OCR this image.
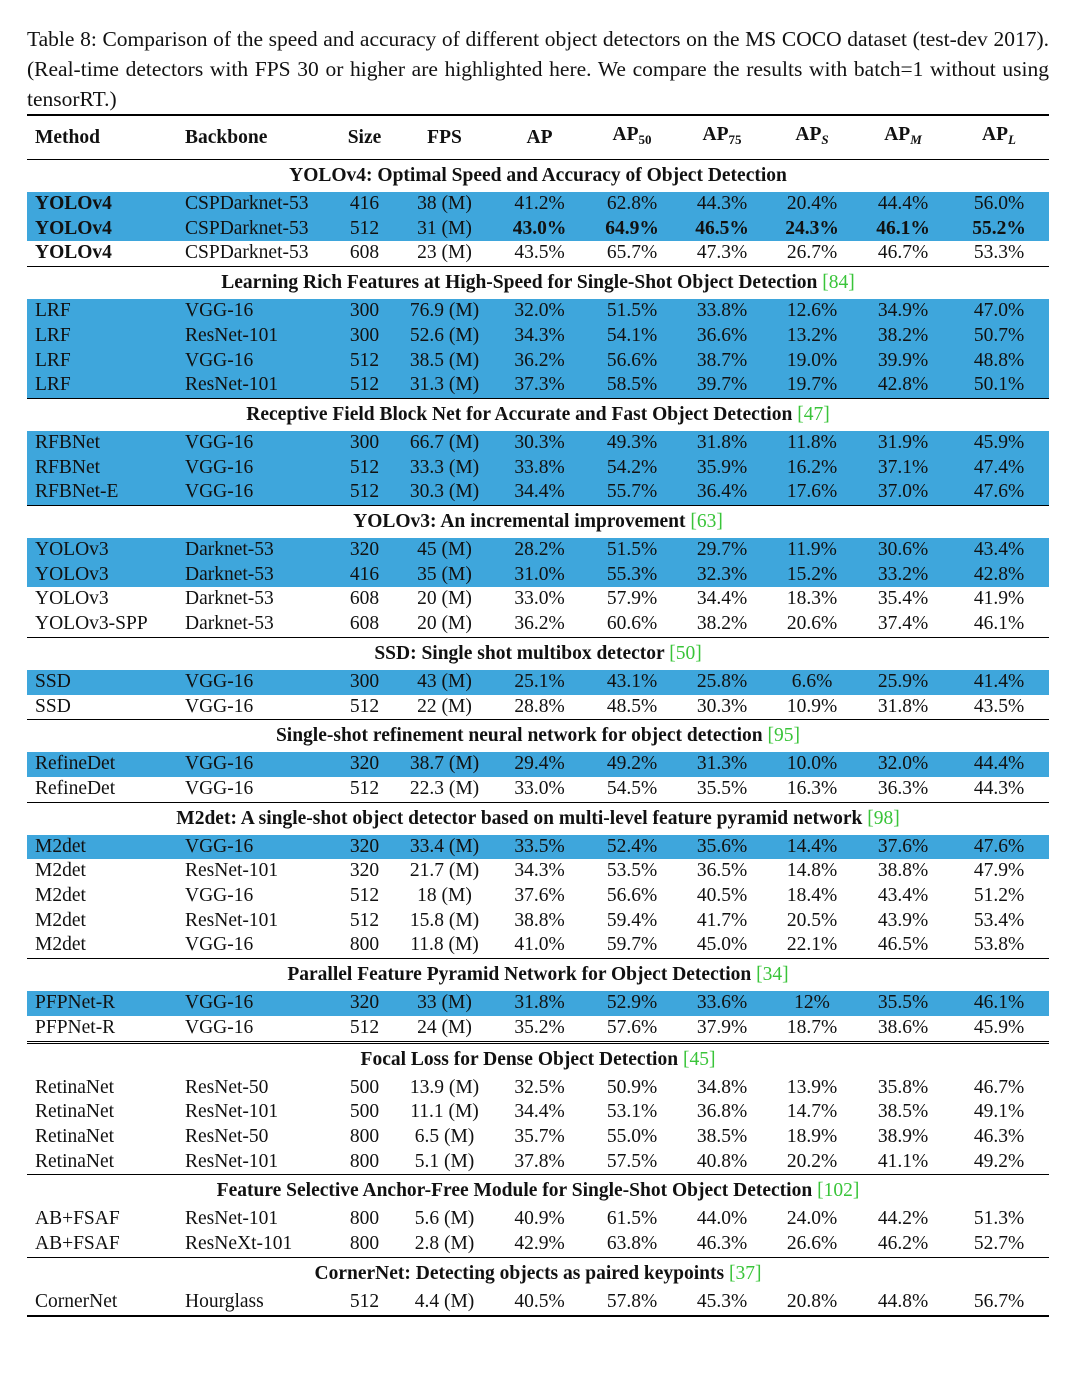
Table 8: Comparison of the speed and accuracy of different object detectors on the MS COCO dataset (test-dev 2017). (Real-time detectors with FPS 30 or higher are highlighted here. We compare the results with batch=1 without using tensorRT.)
Method	Backbone	Size	FPS	AP	$AP_{50}$	$AP_{75}$	$AP_S$	$AP_M$	$AP_L$
YOLOv4: Optimal Speed and Accuracy of Object Detection									
YOLOv4	CSPDarknet-53	416	38 (M)	41.2%	62.8%	44.3%	20.4%	44.4%	56.0%
YOLOv4	CSPDarknet-53	512	31 (M)	43.0%	64.9%	46.5%	24.3%	46.1%	55.2%
YOLOv4	CSPDarknet-53	608	23 (M)	43.5%	65.7%	47.3%	26.7%	46.7%	53.3%
Learning Rich Features at High-Speed for Single-Shot Object Detection [84]									
LRF	VGG-16	300	76.9 (M)	32.0%	51.5%	33.8%	12.6%	34.9%	47.0%
LRF	ResNet-101	300	52.6 (M)	34.3%	54.1%	36.6%	13.2%	38.2%	50.7%
LRF	VGG-16	512	38.5 (M)	36.2%	56.6%	38.7%	19.0%	39.9%	48.8%
LRF	ResNet-101	512	31.3 (M)	37.3%	58.5%	39.7%	19.7%	42.8%	50.1%
Receptive Field Block Net for Accurate and Fast Object Detection [47]									
RFBNet	VGG-16	300	66.7 (M)	30.3%	49.3%	31.8%	11.8%	31.9%	45.9%
RFBNet	VGG-16	512	33.3 (M)	33.8%	54.2%	35.9%	16.2%	37.1%	47.4%
RFBNet-E	VGG-16	512	30.3 (M)	34.4%	55.7%	36.4%	17.6%	37.0%	47.6%
YOLOv3: An incremental improvement [63]									
YOLOv3	Darknet-53	320	45 (M)	28.2%	51.5%	29.7%	11.9%	30.6%	43.4%
YOLOv3	Darknet-53	416	35 (M)	31.0%	55.3%	32.3%	15.2%	33.2%	42.8%
YOLOv3	Darknet-53	608	20 (M)	33.0%	57.9%	34.4%	18.3%	35.4%	41.9%
YOLOv3-SPP	Darknet-53	608	20 (M)	36.2%	60.6%	38.2%	20.6%	37.4%	46.1%
SSD: Single shot multibox detector [50]									
SSD	VGG-16	300	43 (M)	25.1%	43.1%	25.8%	6.6%	25.9%	41.4%
SSD	VGG-16	512	22 (M)	28.8%	48.5%	30.3%	10.9%	31.8%	43.5%
Single-shot refinement neural network for object detection [95]									
RefineDet	VGG-16	320	38.7 (M)	29.4%	49.2%	31.3%	10.0%	32.0%	44.4%
RefineDet	VGG-16	512	22.3 (M)	33.0%	54.5%	35.5%	16.3%	36.3%	44.3%
M2det: A single-shot object detector based on multi-level feature pyramid network [98]									
M2det	VGG-16	320	33.4 (M)	33.5%	52.4%	35.6%	14.4%	37.6%	47.6%
M2det	ResNet-101	320	21.7 (M)	34.3%	53.5%	36.5%	14.8%	38.8%	47.9%
M2det	VGG-16	512	18 (M)	37.6%	56.6%	40.5%	18.4%	43.4%	51.2%
M2det	ResNet-101	512	15.8 (M)	38.8%	59.4%	41.7%	20.5%	43.9%	53.4%
M2det	VGG-16	800	11.8 (M)	41.0%	59.7%	45.0%	22.1%	46.5%	53.8%
Parallel Feature Pyramid Network for Object Detection [34]									
PFPNet-R	VGG-16	320	33 (M)	31.8%	52.9%	33.6%	12%	35.5%	46.1%
PFPNet-R	VGG-16	512	24 (M)	35.2%	57.6%	37.9%	18.7%	38.6%	45.9%
Focal Loss for Dense Object Detection [45]									
RetinaNet	ResNet-50	500	13.9 (M)	32.5%	50.9%	34.8%	13.9%	35.8%	46.7%
RetinaNet	ResNet-101	500	11.1 (M)	34.4%	53.1%	36.8%	14.7%	38.5%	49.1%
RetinaNet	ResNet-50	800	6.5 (M)	35.7%	55.0%	38.5%	18.9%	38.9%	46.3%
RetinaNet	ResNet-101	800	5.1 (M)	37.8%	57.5%	40.8%	20.2%	41.1%	49.2%
Feature Selective Anchor-Free Module for Single-Shot Object Detection [102]									
AB+FSAF	ResNet-101	800	5.6 (M)	40.9%	61.5%	44.0%	24.0%	44.2%	51.3%
AB+FSAF	ResNeXt-101	800	2.8 (M)	42.9%	63.8%	46.3%	26.6%	46.2%	52.7%
CornerNet: Detecting objects as paired keypoints [37]									
CornerNet	Hourglass	512	4.4 (M)	40.5%	57.8%	45.3%	20.8%	44.8%	56.7%
